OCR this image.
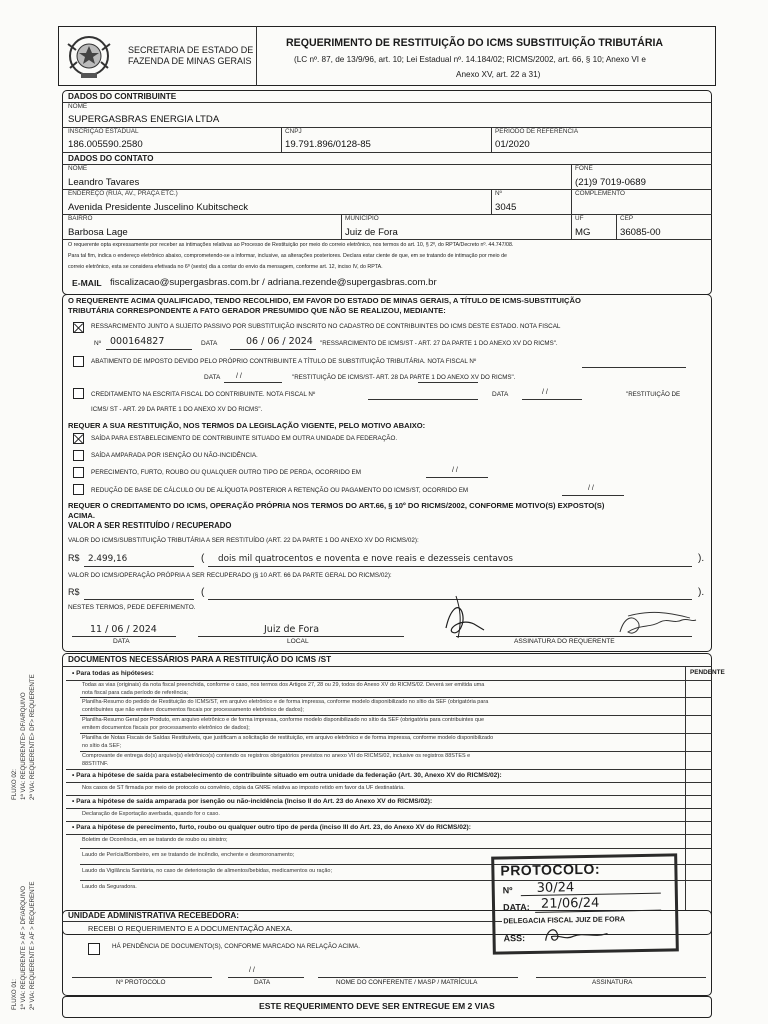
FLUXO 02: 1ª VIA: REQUERENTE> DF/ARQUIVO 2ª VIA: REQUERENTE> DF> REQUERENTE
FLUXO 01: 1ª VIA: REQUERENTE > AF > DF/ARQUIVO 2ª VIA: REQUERENTE > AF > REQUERENTE
SECRETARIA DE ESTADO DE
FAZENDA DE MINAS GERAIS
REQUERIMENTO DE RESTITUIÇÃO DO ICMS SUBSTITUIÇÃO TRIBUTÁRIA
(LC nº. 87, de 13/9/96, art. 10; Lei Estadual nº. 14.184/02; RICMS/2002, art. 66, § 10; Anexo VI e
Anexo XV, art. 22 a 31)
DADOS DO CONTRIBUINTE
NOME
SUPERGASBRAS ENERGIA LTDA
INSCRIÇÃO ESTADUAL
186.005590.2580
CNPJ
19.791.896/0128-85
PERÍODO DE REFERÊNCIA
01/2020
DADOS DO CONTATO
NOME
Leandro Tavares
FONE
(21)9 7019-0689
ENDEREÇO (RUA, AV., PRAÇA ETC.)
Avenida Presidente Juscelino Kubitscheck
Nº
3045
COMPLEMENTO
BAIRRO
Barbosa Lage
MUNICÍPIO
Juiz de Fora
UF
MG
CEP
36085-00
O requerente opta expressamente por receber as intimações relativas ao Processo de Restituição por meio do correio eletrônico, nos termos do art. 10, § 2º, do RPTA/Decreto nº. 44.747/08.
Para tal fim, indica o endereço eletrônico abaixo, comprometendo-se a informar, inclusive, as alterações posteriores. Declara estar ciente de que, em se tratando de intimação por meio de
correio eletrônico, esta se considera efetivada no 6º (sexto) dia a contar do envio da mensagem, conforme art. 12, inciso IV, do RPTA.
E-MAIL fiscalizacao@supergasbras.com.br / adriana.rezende@supergasbras.com.br
O REQUERENTE ACIMA QUALIFICADO, TENDO RECOLHIDO, EM FAVOR DO ESTADO DE MINAS GERAIS, A TÍTULO DE ICMS-SUBSTITUIÇÃO
TRIBUTÁRIA CORRESPONDENTE A FATO GERADOR PRESUMIDO QUE NÃO SE REALIZOU, MEDIANTE:
RESSARCIMENTO JUNTO A SUJEITO PASSIVO POR SUBSTITUIÇÃO INSCRITO NO CADASTRO DE CONTRIBUINTES DO ICMS DESTE ESTADO. NOTA FISCAL
Nº 000164827	DATA	06 / 06 / 2024 "RESSARCIMENTO DE ICMS/ST - ART. 27 DA PARTE 1 DO ANEXO XV DO RICMS".
ABATIMENTO DE IMPOSTO DEVIDO PELO PRÓPRIO CONTRIBUINTE A TÍTULO DE SUBSTITUIÇÃO TRIBUTÁRIA. NOTA FISCAL Nº
DATA / /	"RESTITUIÇÃO DE ICMS/ST- ART. 28 DA PARTE 1 DO ANEXO XV DO RICMS".
CREDITAMENTO NA ESCRITA FISCAL DO CONTRIBUINTE. NOTA FISCAL Nº	DATA	/ /	"RESTITUIÇÃO DE
ICMS/ ST - ART. 29 DA PARTE 1 DO ANEXO XV DO RICMS".
REQUER A SUA RESTITUIÇÃO, NOS TERMOS DA LEGISLAÇÃO VIGENTE, PELO MOTIVO ABAIXO:
SAÍDA PARA ESTABELECIMENTO DE CONTRIBUINTE SITUADO EM OUTRA UNIDADE DA FEDERAÇÃO.
SAÍDA AMPARADA POR ISENÇÃO OU NÃO-INCIDÊNCIA.
PERECIMENTO, FURTO, ROUBO OU QUALQUER OUTRO TIPO DE PERDA, OCORRIDO EM	/ /
REDUÇÃO DE BASE DE CÁLCULO OU DE ALÍQUOTA POSTERIOR A RETENÇÃO OU PAGAMENTO DO ICMS/ST, OCORRIDO EM	/ /
REQUER O CREDITAMENTO DO ICMS, OPERAÇÃO PRÓPRIA NOS TERMOS DO ART.66, § 10º DO RICMS/2002, CONFORME MOTIVO(S) EXPOSTO(S)
ACIMA.
VALOR A SER RESTITUÍDO / RECUPERADO
VALOR DO ICMS/SUBSTITUIÇÃO TRIBUTÁRIA A SER RESTITUÍDO (ART. 22 DA PARTE 1 DO ANEXO XV DO RICMS/02):
R$ 2.499,16	( dois mil quatrocentos e noventa e nove reais e dezesseis centavos	).
VALOR DO ICMS/OPERAÇÃO PRÓPRIA A SER RECUPERADO (§ 10 ART. 66 DA PARTE GERAL DO RICMS/02):
R$	(	).
NESTES TERMOS, PEDE DEFERIMENTO.
11 / 06 / 2024
DATA
Juiz de Fora
LOCAL	ASSINATURA DO REQUERENTE
DOCUMENTOS NECESSÁRIOS PARA A RESTITUIÇÃO DO ICMS /ST
PENDENTE
• Para todas as hipóteses:
Todas as vias (originais) da nota fiscal preenchida, conforme o caso, nos termos dos Artigos 27, 28 ou 29, todos do Anexo XV do RICMS/02. Deverá ser emitida uma
nota fiscal para cada período de referência;
Planilha-Resumo do pedido de Restituição do ICMS/ST, em arquivo eletrônico e de forma impressa, conforme modelo disponibilizado no sítio da SEF (obrigatória para
contribuintes que não emitem documentos fiscais por processamento eletrônico de dados);
Planilha-Resumo Geral por Produto, em arquivo eletrônico e de forma impressa, conforme modelo disponibilizado no sítio da SEF (obrigatória para contribuintes que
emitem documentos fiscais por processamento eletrônico de dados);
Planilha de Notas Fiscais de Saídas Restituíveis, que justificam a solicitação de restituição, em arquivo eletrônico e de forma impressa, conforme modelo disponibilizado
no sítio da SEF;
Comprovante de entrega do(s) arquivo(s) eletrônico(s) contendo os registros obrigatórios previstos no anexo VII do RICMS/02, inclusive os registros 88STES e
88STITNF.
• Para a hipótese de saída para estabelecimento de contribuinte situado em outra unidade da federação (Art. 30, Anexo XV do RICMS/02):
Nos casos de ST firmada por meio de protocolo ou convênio, cópia da GNRE relativa ao imposto retido em favor da UF destinatária.
• Para a hipótese de saída amparada por isenção ou não-incidência (Inciso II do Art. 23 do Anexo XV do RICMS/02):
Declaração de Exportação averbada, quando for o caso.
• Para a hipótese de perecimento, furto, roubo ou qualquer outro tipo de perda (inciso III do Art. 23, do Anexo XV do RICMS/02):
Boletim de Ocorrência, em se tratando de roubo ou sinistro;
Laudo de Perícia/Bombeiro, em se tratando de incêndio, enchente e desmoronamento;
Laudo da Vigilância Sanitária, no caso de deterioração de alimentos/bebidas, medicamentos ou ração;
Laudo da Seguradora.
UNIDADE ADMINISTRATIVA RECEBEDORA:
RECEBI O REQUERIMENTO E A DOCUMENTAÇÃO ANEXA.
HÁ PENDÊNCIA DE DOCUMENTO(S), CONFORME MARCADO NA RELAÇÃO ACIMA.
/ /
Nº PROTOCOLO	DATA	NOME DO CONFERENTE / MASP / MATRÍCULA	ASSINATURA
ESTE REQUERIMENTO DEVE SER ENTREGUE EM 2 VIAS
PROTOCOLO:
Nº 30/24
DATA: 21/06/24
DELEGACIA FISCAL JUIZ DE FORA
ASS:
